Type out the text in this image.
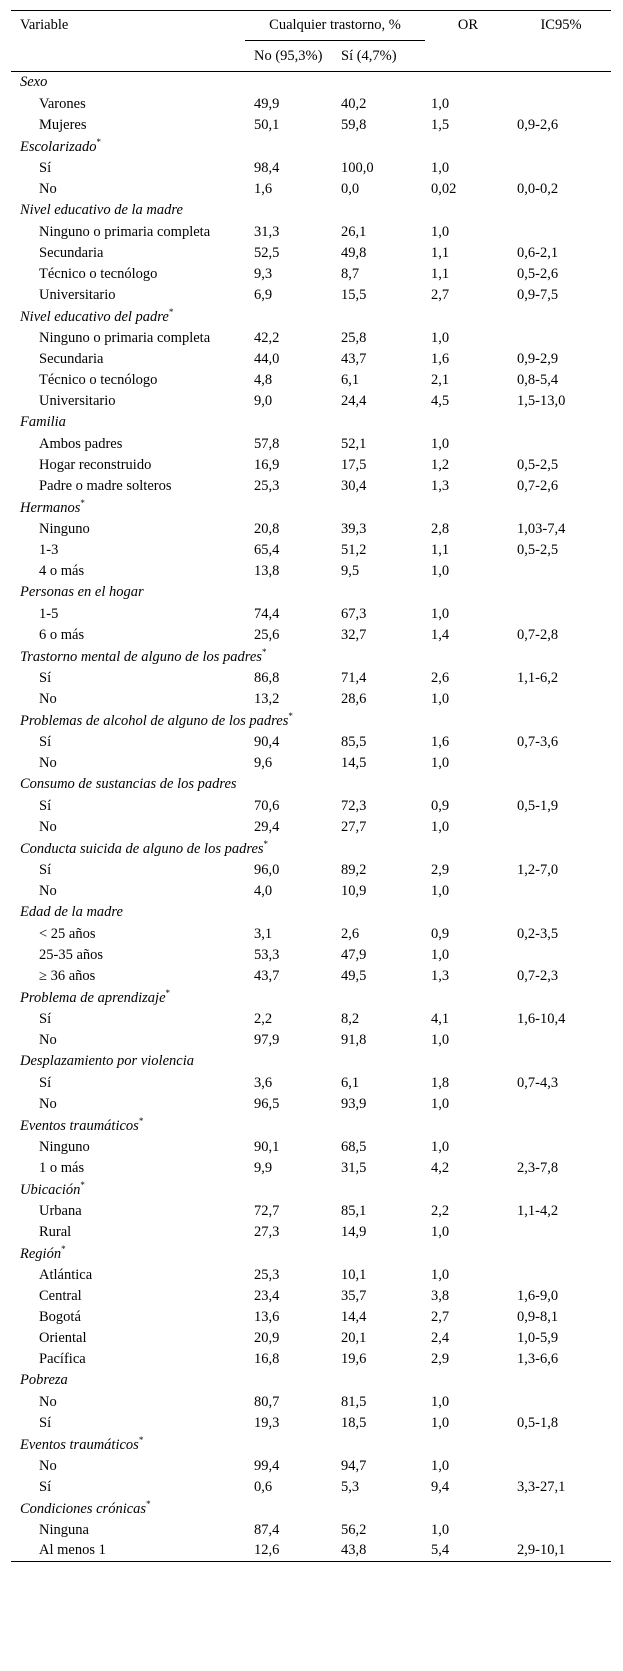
Variable	Cualquier trastorno, %		OR	IC95%
	No (95,3%)	Sí (4,7%)		
Sexo				
Varones	49,9	40,2	1,0	
Mujeres	50,1	59,8	1,5	0,9-2,6
Escolarizado*
Sí	98,4	100,0	1,0	
No	1,6	0,0	0,02	0,0-0,2
Nivel educativo de la madre				
Ninguno o primaria completa	31,3	26,1	1,0	
Secundaria	52,5	49,8	1,1	0,6-2,1
Técnico o tecnólogo	9,3	8,7	1,1	0,5-2,6
Universitario	6,9	15,5	2,7	0,9-7,5
Nivel educativo del padre*
Ninguno o primaria completa	42,2	25,8	1,0	
Secundaria	44,0	43,7	1,6	0,9-2,9
Técnico o tecnólogo	4,8	6,1	2,1	0,8-5,4
Universitario	9,0	24,4	4,5	1,5-13,0
Familia				
Ambos padres	57,8	52,1	1,0	
Hogar reconstruido	16,9	17,5	1,2	0,5-2,5
Padre o madre solteros	25,3	30,4	1,3	0,7-2,6
Hermanos*
Ninguno	20,8	39,3	2,8	1,03-7,4
1-3	65,4	51,2	1,1	0,5-2,5
4 o más	13,8	9,5	1,0	
Personas en el hogar				
1-5	74,4	67,3	1,0	
6 o más	25,6	32,7	1,4	0,7-2,8
Trastorno mental de alguno de los padres*
Sí	86,8	71,4	2,6	1,1-6,2
No	13,2	28,6	1,0	
Problemas de alcohol de alguno de los padres*
Sí	90,4	85,5	1,6	0,7-3,6
No	9,6	14,5	1,0	
Consumo de sustancias de los padres				
Sí	70,6	72,3	0,9	0,5-1,9
No	29,4	27,7	1,0	
Conducta suicida de alguno de los padres*
Sí	96,0	89,2	2,9	1,2-7,0
No	4,0	10,9	1,0	
Edad de la madre				
< 25 años	3,1	2,6	0,9	0,2-3,5
25-35 años	53,3	47,9	1,0	
≥ 36 años	43,7	49,5	1,3	0,7-2,3
Problema de aprendizaje*
Sí	2,2	8,2	4,1	1,6-10,4
No	97,9	91,8	1,0	
Desplazamiento por violencia				
Sí	3,6	6,1	1,8	0,7-4,3
No	96,5	93,9	1,0	
Eventos traumáticos*
Ninguno	90,1	68,5	1,0	
1 o más	9,9	31,5	4,2	2,3-7,8
Ubicación*
Urbana	72,7	85,1	2,2	1,1-4,2
Rural	27,3	14,9	1,0	
Región*
Atlántica	25,3	10,1	1,0	
Central	23,4	35,7	3,8	1,6-9,0
Bogotá	13,6	14,4	2,7	0,9-8,1
Oriental	20,9	20,1	2,4	1,0-5,9
Pacífica	16,8	19,6	2,9	1,3-6,6
Pobreza				
No	80,7	81,5	1,0	
Sí	19,3	18,5	1,0	0,5-1,8
Eventos traumáticos*
No	99,4	94,7	1,0	
Sí	0,6	5,3	9,4	3,3-27,1
Condiciones crónicas*
Ninguna	87,4	56,2	1,0	
Al menos 1	12,6	43,8	5,4	2,9-10,1
